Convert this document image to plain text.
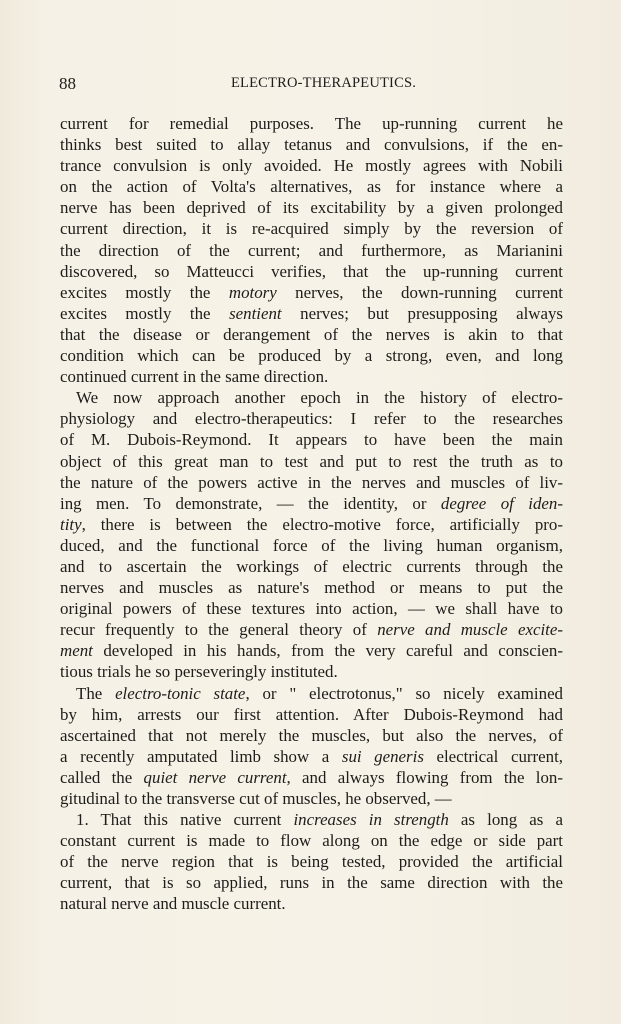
88	ELECTRO-THERAPEUTICS.
current for remedial purposes. The up-running current he
thinks best suited to allay tetanus and convulsions, if the en-
trance convulsion is only avoided. He mostly agrees with Nobili
on the action of Volta's alternatives, as for instance where a
nerve has been deprived of its excitability by a given prolonged
current direction, it is re-acquired simply by the reversion of
the direction of the current; and furthermore, as Marianini
discovered, so Matteucci verifies, that the up-running current
excites mostly the motory nerves, the down-running current
excites mostly the sentient nerves; but presupposing always
that the disease or derangement of the nerves is akin to that
condition which can be produced by a strong, even, and long
continued current in the same direction.
We now approach another epoch in the history of electro-
physiology and electro-therapeutics: I refer to the researches
of M. Dubois-Reymond. It appears to have been the main
object of this great man to test and put to rest the truth as to
the nature of the powers active in the nerves and muscles of liv-
ing men. To demonstrate, — the identity, or degree of iden-
tity, there is between the electro-motive force, artificially pro-
duced, and the functional force of the living human organism,
and to ascertain the workings of electric currents through the
nerves and muscles as nature's method or means to put the
original powers of these textures into action, — we shall have to
recur frequently to the general theory of nerve and muscle excite-
ment developed in his hands, from the very careful and conscien-
tious trials he so perseveringly instituted.
The electro-tonic state, or " electrotonus," so nicely examined
by him, arrests our first attention. After Dubois-Reymond had
ascertained that not merely the muscles, but also the nerves, of
a recently amputated limb show a sui generis electrical current,
called the quiet nerve current, and always flowing from the lon-
gitudinal to the transverse cut of muscles, he observed, —
1. That this native current increases in strength as long as a
constant current is made to flow along on the edge or side part
of the nerve region that is being tested, provided the artificial
current, that is so applied, runs in the same direction with the
natural nerve and muscle current.
